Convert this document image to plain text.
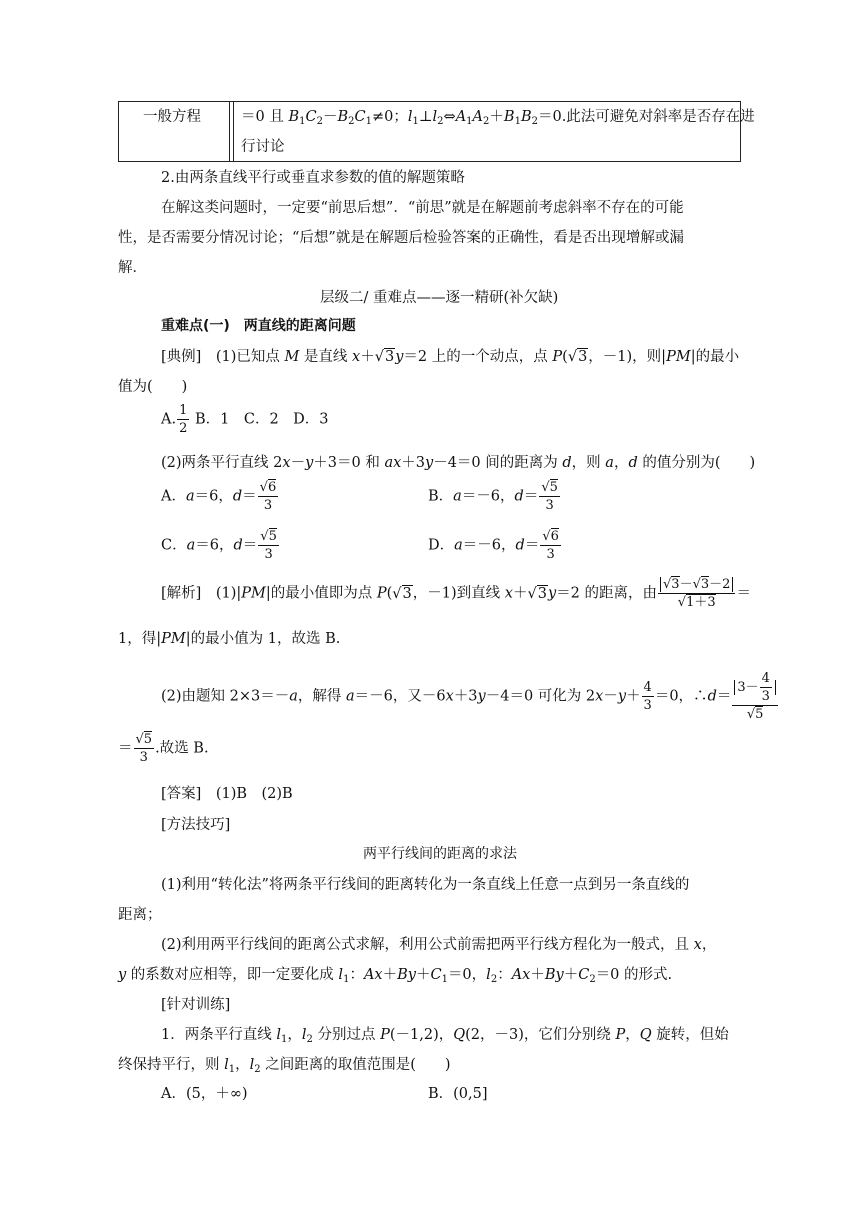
一般方程	＝0 且 $B_1C_2-B_2C_1\ne 0$；$l_1\perp l_2\Leftrightarrow A_1A_2+B_1B_2=0$.此法可避免对斜率是否存在进
行讨论
2.由两条直线平行或垂直求参数的值的解题策略
在解这类问题时，一定要“前思后想”．“前思”就是在解题前考虑斜率不存在的可能
性，是否需要分情况讨论；“后想”就是在解题后检验答案的正确性，看是否出现增解或漏
解．
层级二/ 重难点——逐一精研(补欠缺)
重难点(一)　两直线的距离问题
[典例]　(1)已知点 M 是直线 x＋√3y＝2 上的一个动点，点 P(√3，－1)，则|PM|的最小
值为(　　)
A. $\frac{1}{2}$ B．1　C．2　D．3
(2)两条平行直线 2x－y＋3＝0 和 ax＋3y－4＝0 间的距离为 d，则 a，d 的值分别为(　　)
A．a＝6，$d= \frac{√6}{3}$	B．a＝－6，$d= \frac{√5}{3}$
C．a＝6，$d= \frac{√5}{3}$	D．a＝－6，$d= \frac{√6}{3}$
[解析]　(1)|PM|的最小值即为点 P(√3，－1)到直线 x＋√3y＝2 的距离，由 $\frac{√3-√3-2}{√1+3}$ ＝
1，得|PM|的最小值为 1，故选 B.
(2)由题知 2×3＝－a，解得 a＝－6，又－6x＋3y－4＝0 可化为 $2x-y+ \frac{4}{3} =0$，∴d＝ $\frac{3- \frac{4}{3}}{√5}$
＝ $\frac{√5}{3}$ .故选 B.
[答案]　(1)B　(2)B
[方法技巧]
两平行线间的距离的求法
(1)利用“转化法”将两条平行线间的距离转化为一条直线上任意一点到另一条直线的
距离；
(2)利用两平行线间的距离公式求解，利用公式前需把两平行线方程化为一般式，且 x，
y 的系数对应相等，即一定要化成 $l_1$：$Ax+By+C_1=0$，$l_2$：$Ax+By+C_2=0$ 的形式.
[针对训练]
1．两条平行直线 $l_1$，$l_2$ 分别过点 P(－1,2)，Q(2，－3)，它们分别绕 P，Q 旋转，但始
终保持平行，则 $l_1$，$l_2$ 之间距离的取值范围是(　　)
A．(5，＋∞)	B．(0,5]
